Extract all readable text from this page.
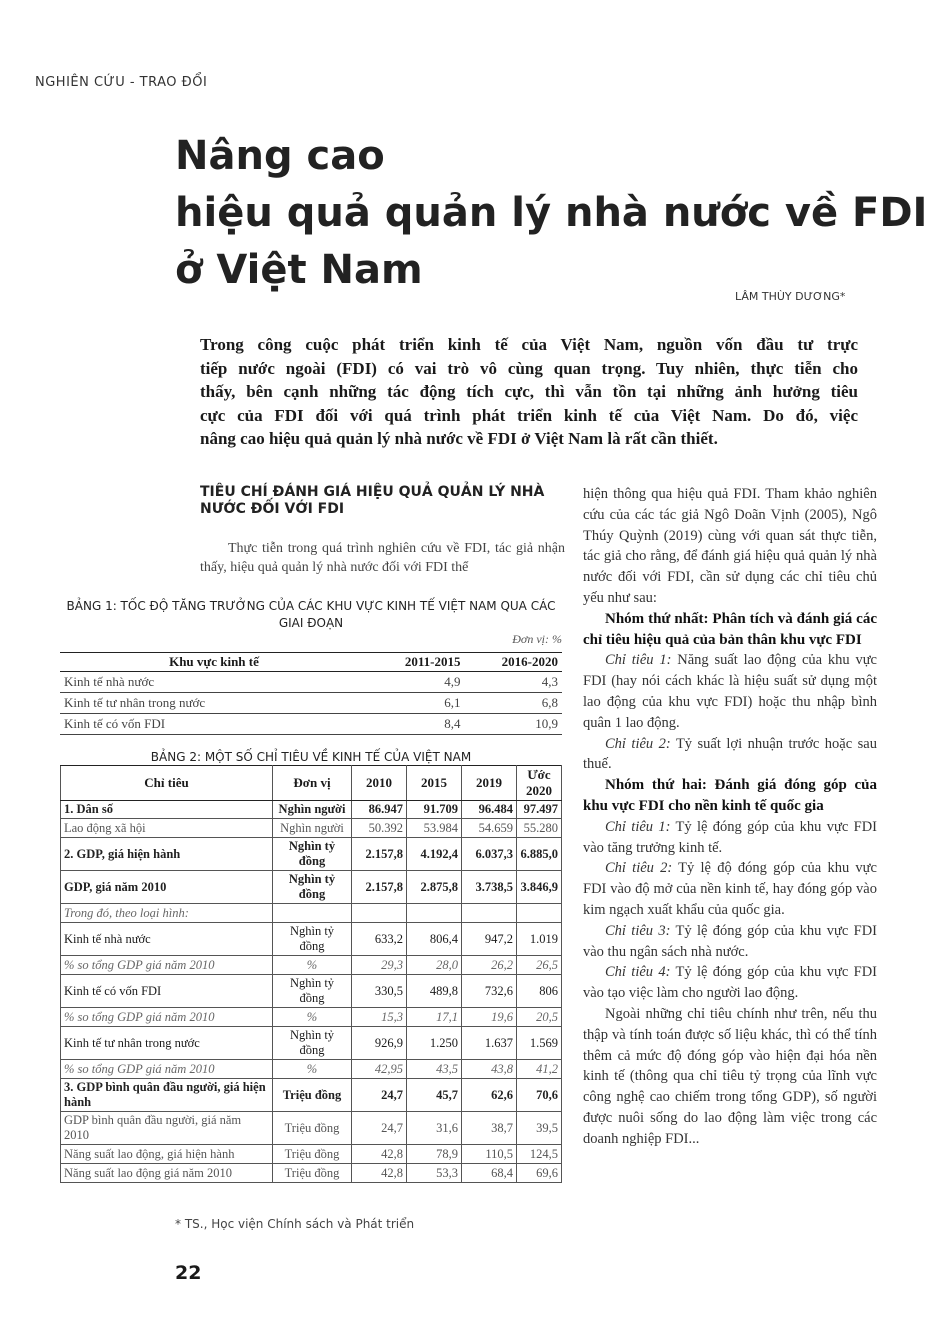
NGHIÊN CỨU - TRAO ĐỔI
Nâng cao
hiệu quả quản lý nhà nước về FDI
ở Việt Nam
LÂM THÙY DƯƠNG*
Trong công cuộc phát triển kinh tế của Việt Nam, nguồn vốn đầu tư trực
tiếp nước ngoài (FDI) có vai trò vô cùng quan trọng. Tuy nhiên, thực tiễn cho
thấy, bên cạnh những tác động tích cực, thì vẫn tồn tại những ảnh hưởng tiêu
cực của FDI đối với quá trình phát triển kinh tế của Việt Nam. Do đó, việc
nâng cao hiệu quả quản lý nhà nước về FDI ở Việt Nam là rất cần thiết.
TIÊU CHÍ ĐÁNH GIÁ HIỆU QUẢ QUẢN LÝ NHÀ NƯỚC ĐỐI VỚI FDI
Thực tiễn trong quá trình nghiên cứu về FDI, tác giả nhận thấy, hiệu quả quản lý nhà nước đối với FDI thể
BẢNG 1: TỐC ĐỘ TĂNG TRƯỞNG CỦA CÁC KHU VỰC KINH TẾ VIỆT NAM QUA CÁC GIAI ĐOẠN
Đơn vị: %
Khu vực kinh tế	2011-2015	2016-2020
Kinh tế nhà nước	4,9	4,3
Kinh tế tư nhân trong nước	6,1	6,8
Kinh tế có vốn FDI	8,4	10,9
BẢNG 2: MỘT SỐ CHỈ TIÊU VỀ KINH TẾ CỦA VIỆT NAM
Chỉ tiêu	Đơn vị	2010	2015	2019	Ước 2020
1. Dân số	Nghìn người	86.947	91.709	96.484	97.497
Lao động xã hội	Nghìn người	50.392	53.984	54.659	55.280
2. GDP, giá hiện hành	Nghìn tỷ đồng	2.157,8	4.192,4	6.037,3	6.885,0
GDP, giá năm 2010	Nghìn tỷ đồng	2.157,8	2.875,8	3.738,5	3.846,9
Trong đó, theo loại hình:					
Kinh tế nhà nước	Nghìn tỷ đồng	633,2	806,4	947,2	1.019
% so tổng GDP giá năm 2010	%	29,3	28,0	26,2	26,5
Kinh tế có vốn FDI	Nghìn tỷ đồng	330,5	489,8	732,6	806
% so tổng GDP giá năm 2010	%	15,3	17,1	19,6	20,5
Kinh tế tư nhân trong nước	Nghìn tỷ đồng	926,9	1.250	1.637	1.569
% so tổng GDP giá năm 2010	%	42,95	43,5	43,8	41,2
3. GDP bình quân đầu người, giá hiện hành	Triệu đồng	24,7	45,7	62,6	70,6
GDP bình quân đầu người, giá năm 2010	Triệu đồng	24,7	31,6	38,7	39,5
Năng suất lao động, giá hiện hành	Triệu đồng	42,8	78,9	110,5	124,5
Năng suất lao động giá năm 2010	Triệu đồng	42,8	53,3	68,4	69,6
* TS., Học viện Chính sách và Phát triển
22

hiện thông qua hiệu quả FDI. Tham khảo nghiên cứu của các tác giả Ngô Doãn Vịnh (2005), Ngô Thúy Quỳnh (2019) cùng với quan sát thực tiễn, tác giả cho rằng, để đánh giá hiệu quả quản lý nhà nước đối với FDI, cần sử dụng các chỉ tiêu chủ yếu như sau:

Nhóm thứ nhất: Phân tích và đánh giá các chỉ tiêu hiệu quả của bản thân khu vực FDI

Chỉ tiêu 1: Năng suất lao động của khu vực FDI (hay nói cách khác là hiệu suất sử dụng một lao động của khu vực FDI) hoặc thu nhập bình quân 1 lao động.

Chỉ tiêu 2: Tỷ suất lợi nhuận trước hoặc sau thuế.

Nhóm thứ hai: Đánh giá đóng góp của khu vực FDI cho nền kinh tế quốc gia

Chỉ tiêu 1: Tỷ lệ đóng góp của khu vực FDI vào tăng trưởng kinh tế.

Chỉ tiêu 2: Tỷ lệ độ đóng góp của khu vực FDI vào độ mở của nền kinh tế, hay đóng góp vào kim ngạch xuất khẩu của quốc gia.

Chỉ tiêu 3: Tỷ lệ đóng góp của khu vực FDI vào thu ngân sách nhà nước.

Chỉ tiêu 4: Tỷ lệ đóng góp của khu vực FDI vào tạo việc làm cho người lao động.

Ngoài những chỉ tiêu chính như trên, nếu thu thập và tính toán được số liệu khác, thì có thể tính thêm cả mức độ đóng góp vào hiện đại hóa nền kinh tế (thông qua chỉ tiêu tỷ trọng của lĩnh vực công nghệ cao chiếm trong tổng GDP), số người được nuôi sống do lao động làm việc trong các doanh nghiệp FDI...
